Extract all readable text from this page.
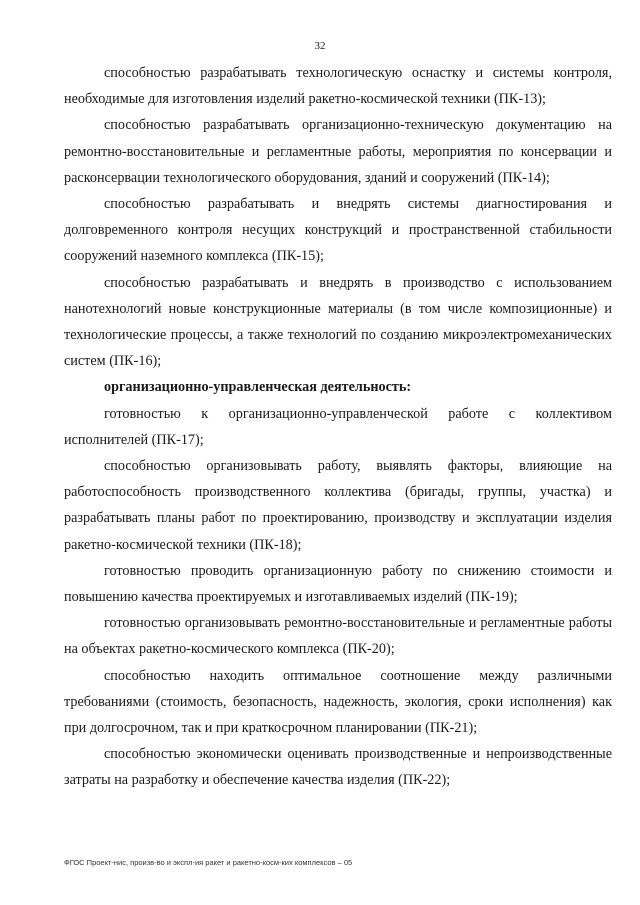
32

способностью разрабатывать технологическую оснастку и системы контроля, необходимые для изготовления изделий ракетно-космической техники (ПК-13);

способностью разрабатывать организационно-техническую документацию на ремонтно-восстановительные и регламентные работы, мероприятия по консервации и расконсервации технологического оборудования, зданий и сооружений (ПК-14);

способностью разрабатывать и внедрять системы диагностирования и долговременного контроля несущих конструкций и пространственной стабильности сооружений наземного комплекса (ПК-15);

способностью разрабатывать и внедрять в производство с использованием нанотехнологий новые конструкционные материалы (в том числе композиционные) и технологические процессы, а также технологий по созданию микроэлектромеханических систем (ПК-16);

организационно-управленческая деятельность:

готовностью к организационно-управленческой работе с коллективом исполнителей (ПК-17);

способностью организовывать работу, выявлять факторы, влияющие на работоспособность производственного коллектива (бригады, группы, участка) и разрабатывать планы работ по проектированию, производству и эксплуатации изделия ракетно-космической техники (ПК-18);

готовностью проводить организационную работу по снижению стоимости и повышению качества проектируемых и изготавливаемых изделий (ПК-19);

готовностью организовывать ремонтно-восстановительные и регламентные работы на объектах ракетно-космического комплекса (ПК-20);

способностью находить оптимальное соотношение между различными требованиями (стоимость, безопасность, надежность, экология, сроки исполнения) как при долгосрочном, так и при краткосрочном планировании (ПК-21);

способностью экономически оценивать производственные и непроизводственные затраты на разработку и обеспечение качества изделия (ПК-22);

ФГОС Проект-нис, произв-во и экспл-ия ракет и ракетно-косм-ких комплексов – 05
